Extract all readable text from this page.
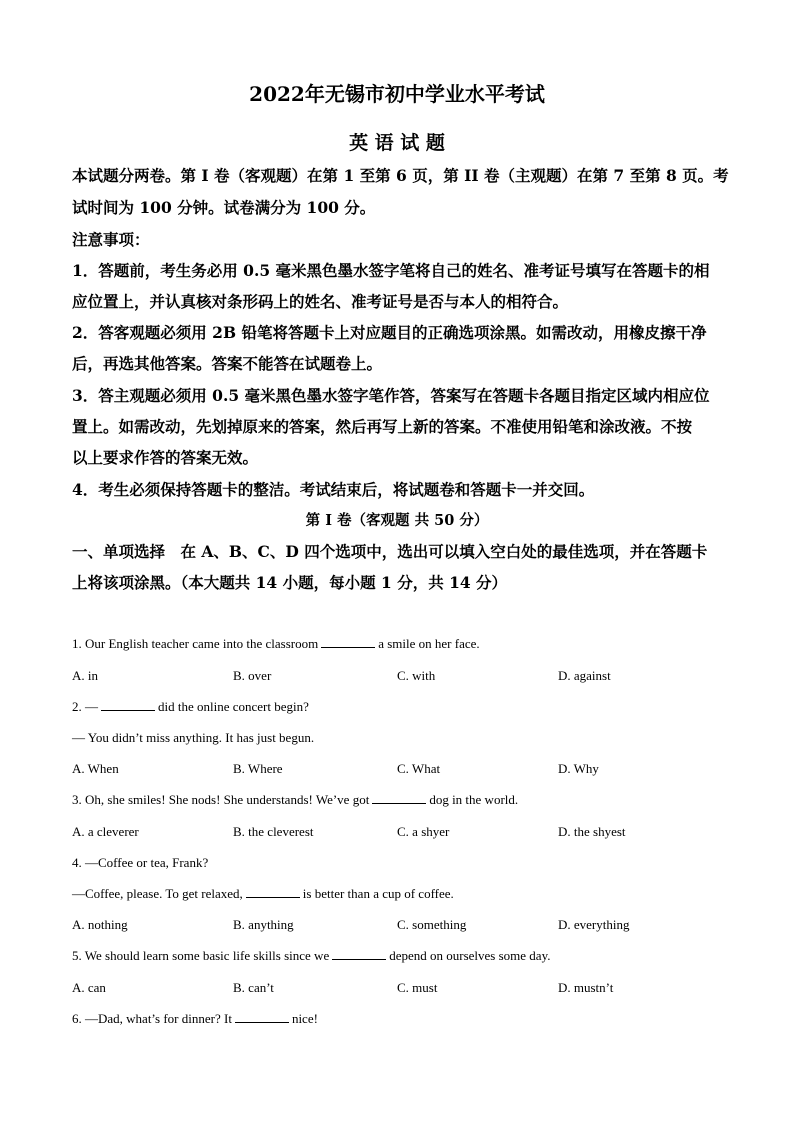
2022年无锡市初中学业水平考试
英 语 试 题
本试题分两卷。第 I 卷（客观题）在第 1 至第 6 页，第 II 卷（主观题）在第 7 至第 8 页。考
试时间为 100 分钟。试卷满分为 100 分。
注意事项：
1．答题前，考生务必用 0.5 毫米黑色墨水签字笔将自己的姓名、准考证号填写在答题卡的相
应位置上，并认真核对条形码上的姓名、准考证号是否与本人的相符合。
2．答客观题必须用 2B 铅笔将答题卡上对应题目的正确选项涂黑。如需改动，用橡皮擦干净
后，再选其他答案。答案不能答在试题卷上。
3．答主观题必须用 0.5 毫米黑色墨水签字笔作答，答案写在答题卡各题目指定区域内相应位
置上。如需改动，先划掉原来的答案，然后再写上新的答案。不准使用铅笔和涂改液。不按
以上要求作答的答案无效。
4．考生必须保持答题卡的整洁。考试结束后，将试题卷和答题卡一并交回。
第 I 卷（客观题 共 50 分）
一、单项选择　在 A、B、C、D 四个选项中，选出可以填入空白处的最佳选项，并在答题卡
上将该项涂黑。（本大题共 14 小题，每小题 1 分，共 14 分）
1. Our English teacher came into the classroom	a smile on her face.
A. in	B. over	C. with	D. against
2. —	did the online concert begin?
— You didn’t miss anything. It has just begun.
A. When	B. Where	C. What	D. Why
3. Oh, she smiles! She nods! She understands! We’ve got	dog in the world.
A. a cleverer	B. the cleverest	C. a shyer	D. the shyest
4. —Coffee or tea, Frank?
—Coffee, please. To get relaxed,	is better than a cup of coffee.
A. nothing	B. anything	C. something	D. everything
5. We should learn some basic life skills since we	depend on ourselves some day.
A. can	B. can’t	C. must	D. mustn’t
6. —Dad, what’s for dinner? It	nice!
